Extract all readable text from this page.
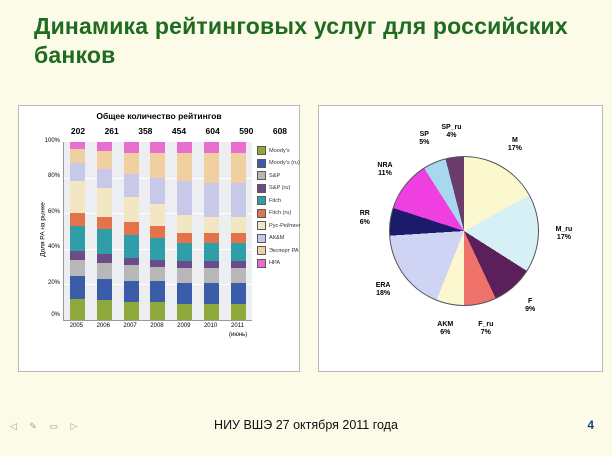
Динамика рейтинговых услуг для российских банков
Общее количество рейтингов
202	261	358	454	604	590	608
Доля РА на рынке
100%
80%
60%
40%
20%
0%
2005	2006	2007	2008	2009	2010	2011
(июнь)
Moody's
Moody's (ru)
S&P
S&P (ru)
Fitch
Fitch (ru)
Рус-Рейтинг
АК&М
Эксперт РА
НРА
M
17%
M_ru
17%
F
9%
F_ru
7%
AKM
6%
ERA
18%
RR
6%
NRA
11%
SP
5%
SP_ru
4%
НИУ ВШЭ 27 октября 2011 года	4
◁ ✎ ▭ ▷
